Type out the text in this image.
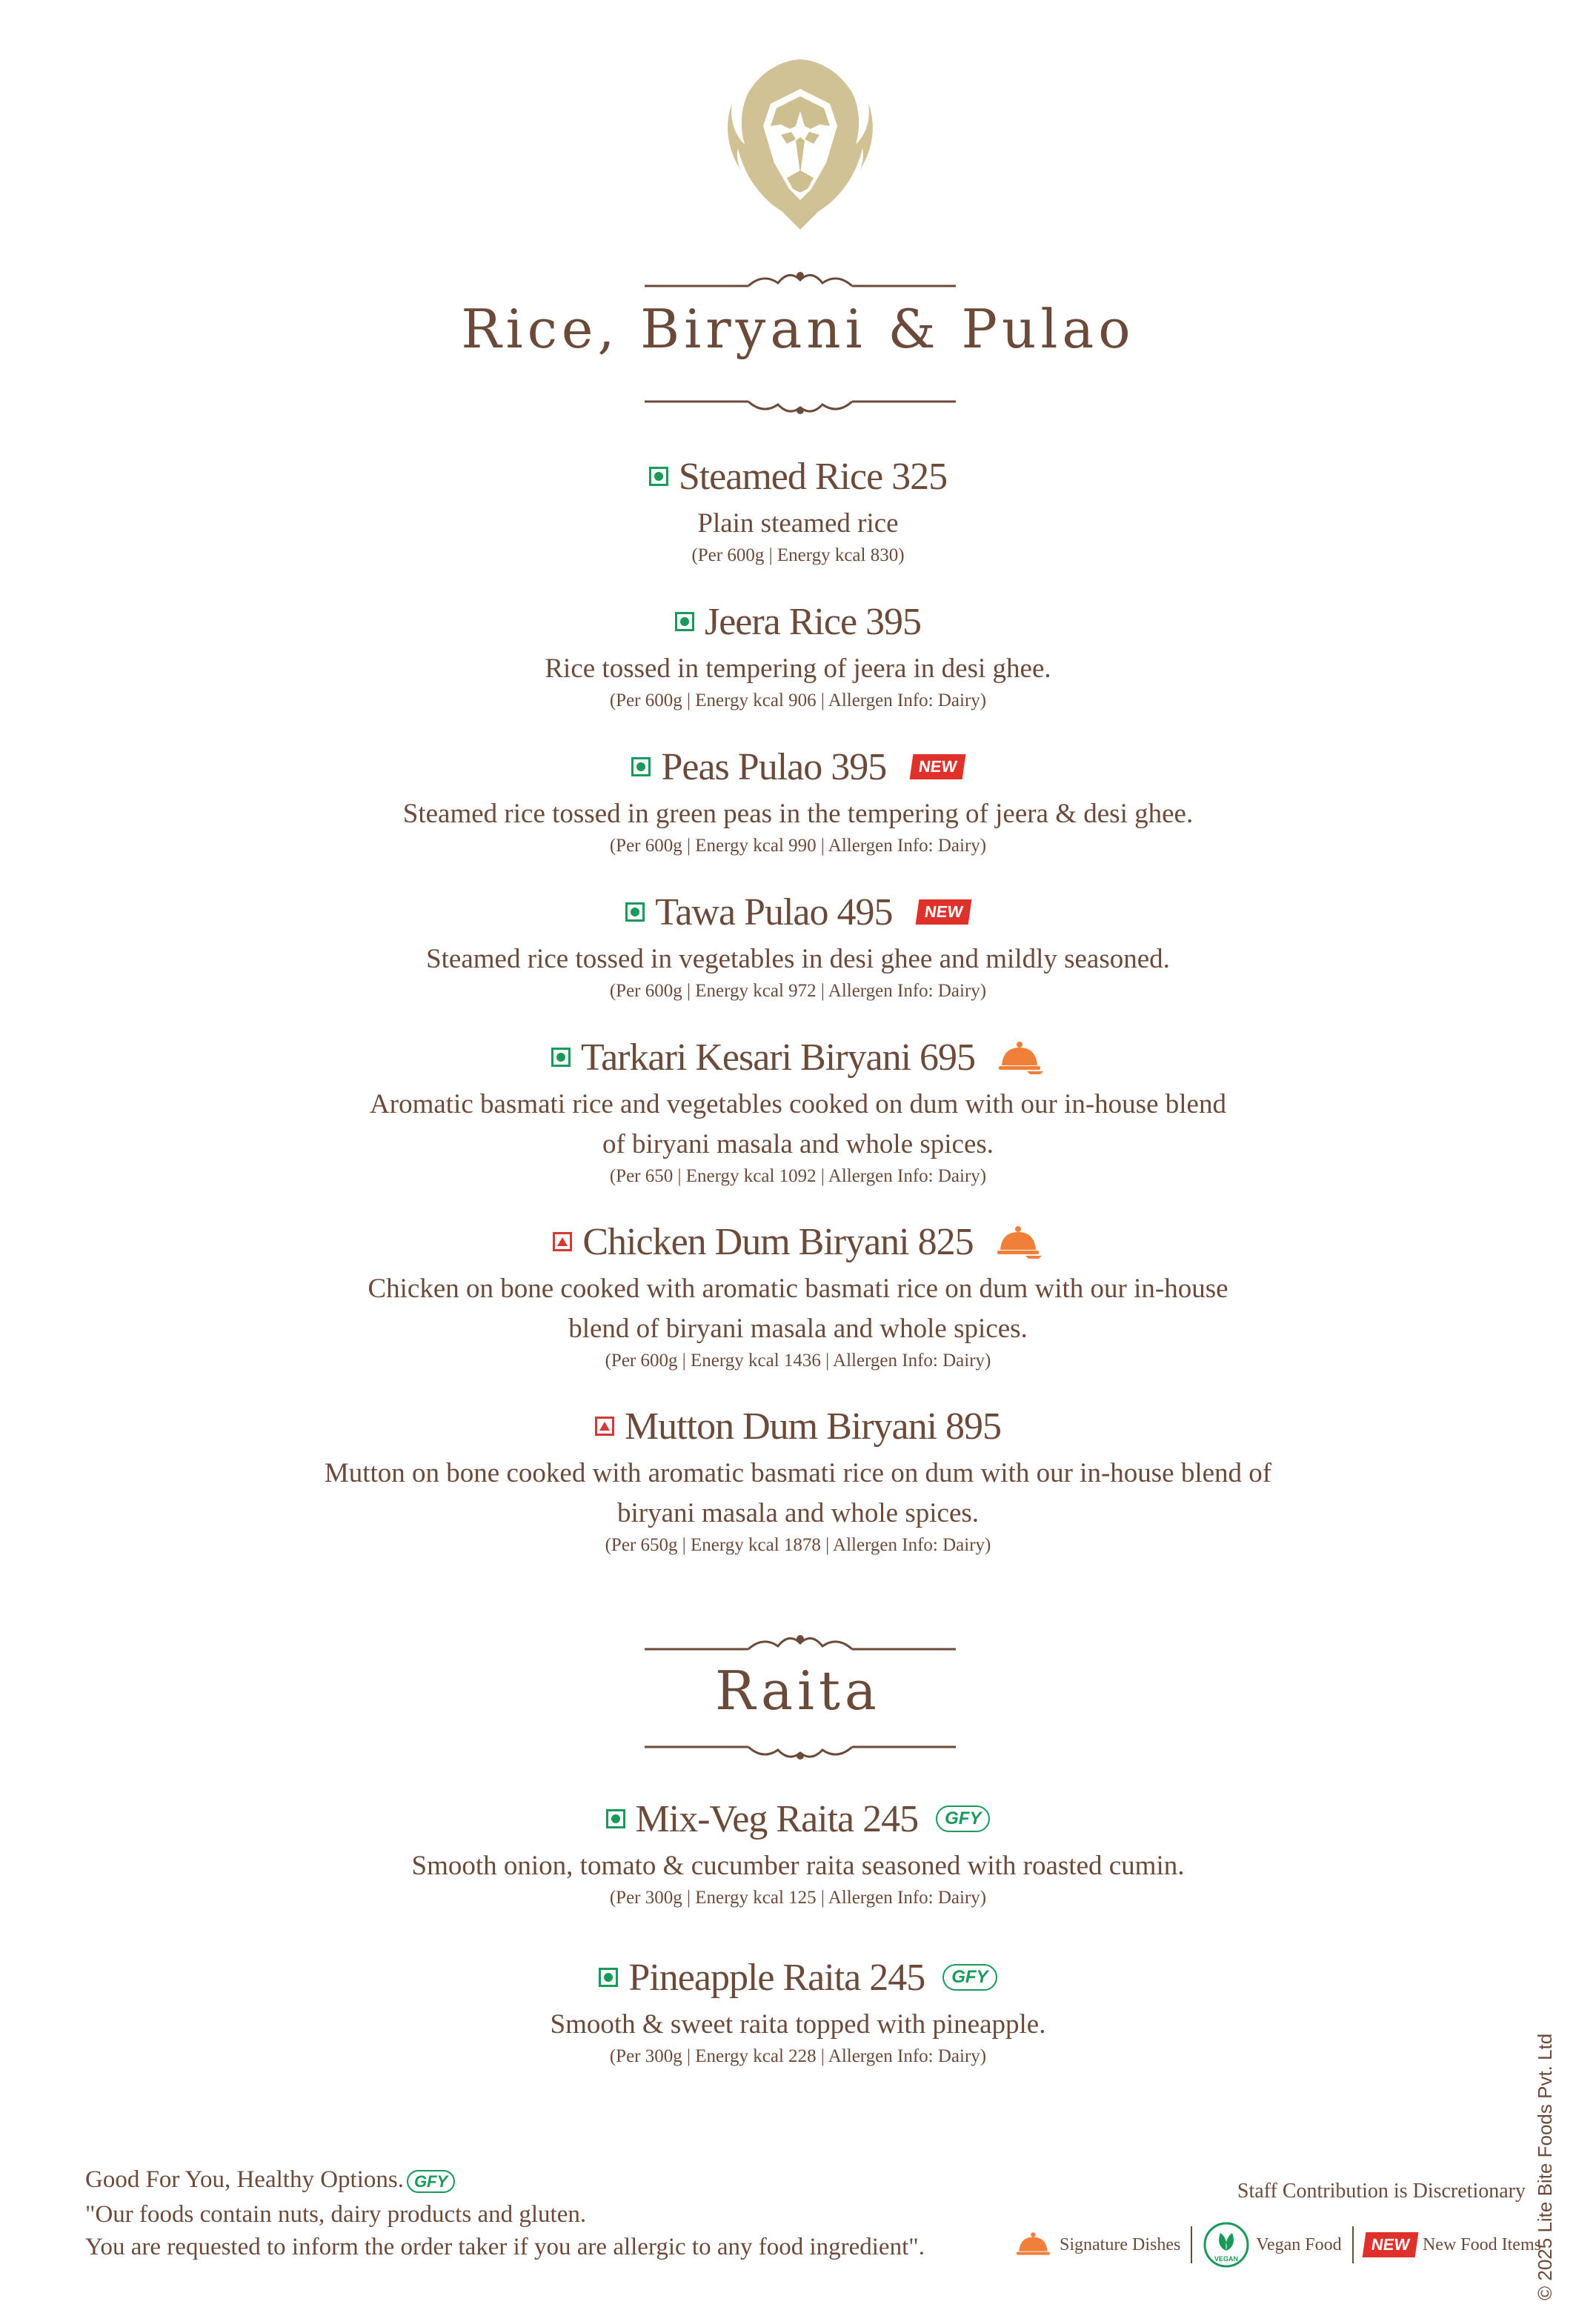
Rice, Biryani & Pulao
Steamed Rice 325
Plain steamed rice
(Per 600g | Energy kcal 830)
Jeera Rice 395
Rice tossed in tempering of jeera in desi ghee.
(Per 600g | Energy kcal 906 | Allergen Info: Dairy)
Peas Pulao 395	NEW
Steamed rice tossed in green peas in the tempering of jeera & desi ghee.
(Per 600g | Energy kcal 990 | Allergen Info: Dairy)
Tawa Pulao 495	NEW
Steamed rice tossed in vegetables in desi ghee and mildly seasoned.
(Per 600g | Energy kcal 972 | Allergen Info: Dairy)
Tarkari Kesari Biryani 695
Aromatic basmati rice and vegetables cooked on dum with our in-house blend
of biryani masala and whole spices.
(Per 650 | Energy kcal 1092 | Allergen Info: Dairy)
Chicken Dum Biryani 825
Chicken on bone cooked with aromatic basmati rice on dum with our in-house
blend of biryani masala and whole spices.
(Per 600g | Energy kcal 1436 | Allergen Info: Dairy)
Mutton Dum Biryani 895
Mutton on bone cooked with aromatic basmati rice on dum with our in-house blend of
biryani masala and whole spices.
(Per 650g | Energy kcal 1878 | Allergen Info: Dairy)
Raita
Mix-Veg Raita 245	GFY
Smooth onion, tomato & cucumber raita seasoned with roasted cumin.
(Per 300g | Energy kcal 125 | Allergen Info: Dairy)
Pineapple Raita 245	GFY
Smooth & sweet raita topped with pineapple.
(Per 300g | Energy kcal 228 | Allergen Info: Dairy)
Good For You, Healthy Options. GFY
"Our foods contain nuts, dairy products and gluten.
You are requested to inform the order taker if you are allergic to any food ingredient".
Staff Contribution is Discretionary
Signature Dishes
VEGAN
Vegan Food	NEW New Food Items
© 2025 Lite Bite Foods Pvt. Ltd
